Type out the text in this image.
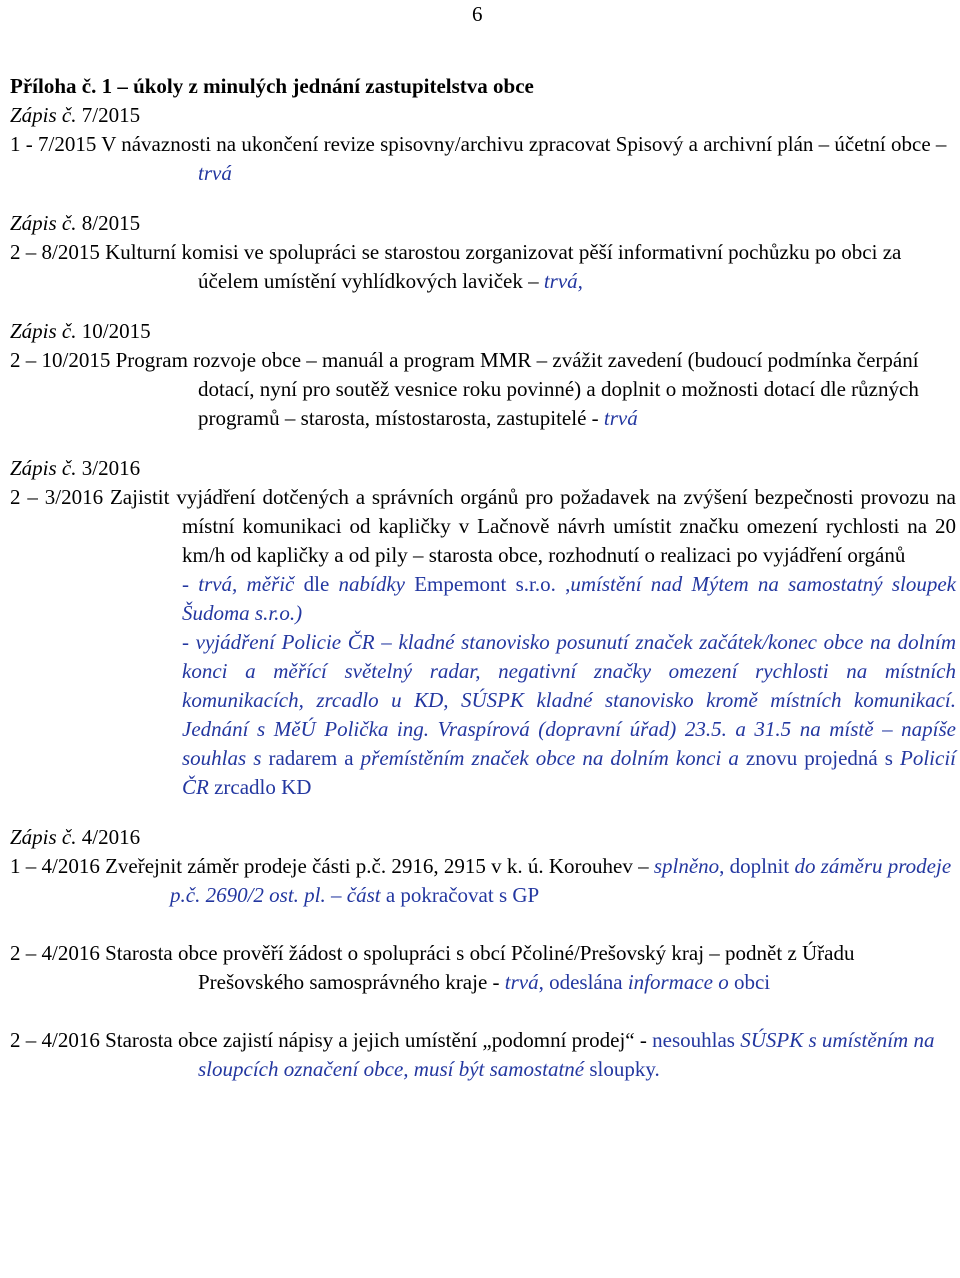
6
Příloha č. 1 – úkoly z minulých jednání zastupitelstva obce
Zápis č. 7/2015
1 - 7/2015 V návaznosti na ukončení revize spisovny/archivu zpracovat Spisový a archivní plán – účetní obce – trvá
Zápis č. 8/2015
2 – 8/2015 Kulturní komisi ve spolupráci se starostou zorganizovat pěší informativní pochůzku po obci za účelem umístění vyhlídkových laviček – trvá,
Zápis č. 10/2015
2 – 10/2015 Program rozvoje obce – manuál a program MMR – zvážit zavedení (budoucí podmínka čerpání dotací, nyní pro soutěž vesnice roku povinné) a doplnit o možnosti dotací dle různých programů – starosta, místostarosta, zastupitelé - trvá
Zápis č. 3/2016
2 – 3/2016 Zajistit vyjádření dotčených a správních orgánů pro požadavek na zvýšení bezpečnosti provozu na místní komunikaci od kapličky v Lačnově návrh umístit značku omezení rychlosti na 20 km/h od kapličky a od pily – starosta obce, rozhodnutí o realizaci po vyjádření orgánů
- trvá, měřič dle nabídky Empemont s.r.o. ,umístění nad Mýtem na samostatný sloupek Šudoma s.r.o.)
- vyjádření Policie ČR – kladné stanovisko posunutí značek začátek/konec obce na dolním konci a měřící světelný radar, negativní značky omezení rychlosti na místních komunikacích, zrcadlo u KD, SÚSPK kladné stanovisko kromě místních komunikací. Jednání s MěÚ Polička ing. Vraspírová (dopravní úřad) 23.5. a 31.5 na místě – napíše souhlas s radarem a přemístěním značek obce na dolním konci a znovu projedná s Policií ČR zrcadlo KD
Zápis č. 4/2016
1 – 4/2016 Zveřejnit záměr prodeje části p.č. 2916, 2915 v k. ú. Korouhev – splněno, doplnit do záměru prodeje p.č. 2690/2 ost. pl. – část a pokračovat s GP
2 – 4/2016 Starosta obce prověří žádost o spolupráci s obcí Pčoliné/Prešovský kraj – podnět z Úřadu Prešovského samosprávného kraje - trvá, odeslána informace o obci
2 – 4/2016 Starosta obce zajistí nápisy a jejich umístění „podomní prodej“ - nesouhlas SÚSPK s umístěním na sloupcích označení obce, musí být samostatné sloupky.
